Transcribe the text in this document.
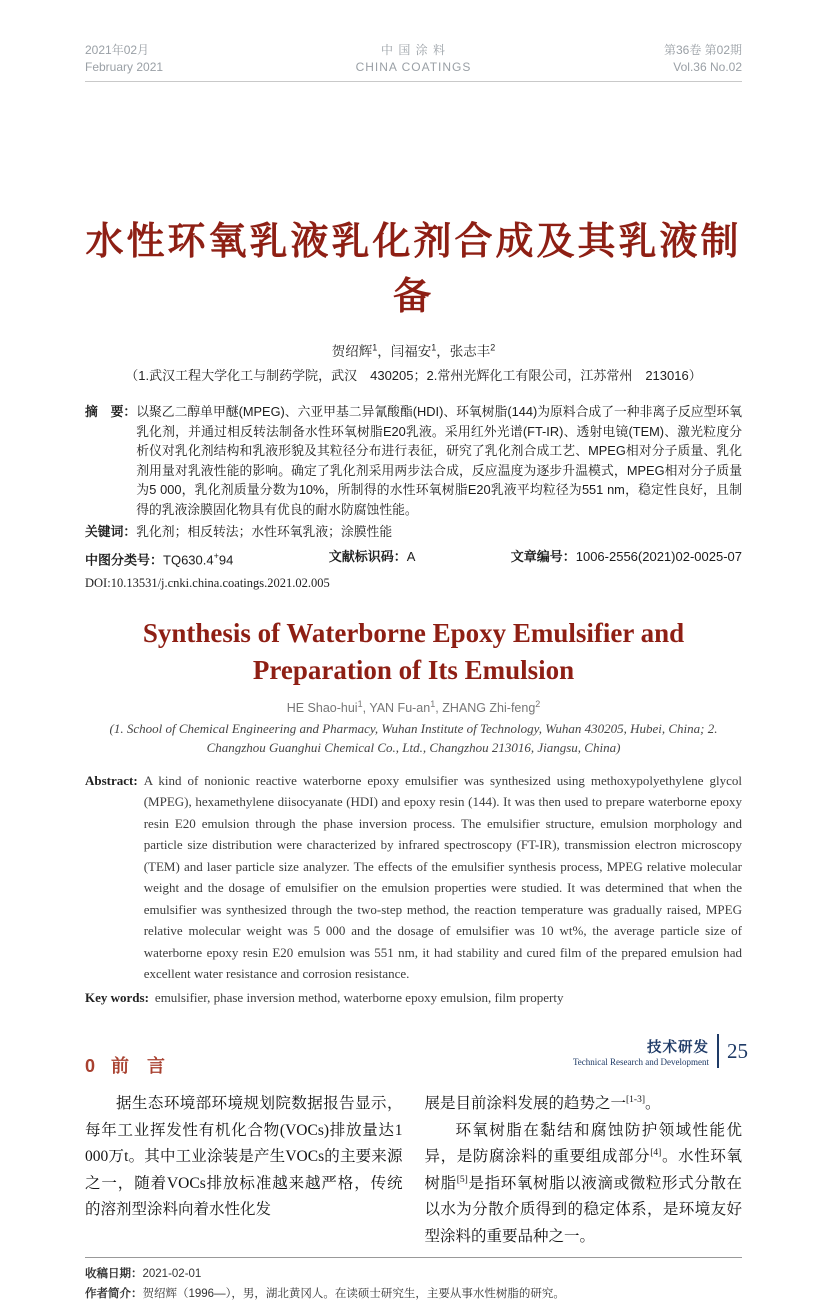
2021年02月
February 2021
中 国 涂 料
CHINA COATINGS
第36卷 第02期
Vol.36 No.02
水性环氧乳液乳化剂合成及其乳液制备
贺绍辉$^1$，闫福安$^1$，张志丰$^2$
（1.武汉工程大学化工与制药学院，武汉　430205；2.常州光辉化工有限公司，江苏常州　213016）
摘　要： 以聚乙二醇单甲醚(MPEG)、六亚甲基二异氰酸酯(HDI)、环氧树脂(144)为原料合成了一种非离子反应型环氧乳化剂，并通过相反转法制备水性环氧树脂E20乳液。采用红外光谱(FT-IR)、透射电镜(TEM)、激光粒度分析仪对乳化剂结构和乳液形貌及其粒径分布进行表征，研究了乳化剂合成工艺、MPEG相对分子质量、乳化剂用量对乳液性能的影响。确定了乳化剂采用两步法合成，反应温度为逐步升温模式，MPEG相对分子质量为5 000，乳化剂质量分数为10%，所制得的水性环氧树脂E20乳液平均粒径为551 nm，稳定性良好，且制得的乳液涂膜固化物具有优良的耐水防腐蚀性能。
关键词：乳化剂；相反转法；水性环氧乳液；涂膜性能
中图分类号：TQ630.4+94	文献标识码：A	文章编号：1006-2556(2021)02-0025-07
DOI:10.13531/j.cnki.china.coatings.2021.02.005
Synthesis of Waterborne Epoxy Emulsifier and Preparation of Its Emulsion
HE Shao-hui$^1$, YAN $Fu-an^1$, ZHANG Zhi-feng$^2$
(1. School of Chemical Engineering and Pharmacy, Wuhan Institute of Technology, Wuhan 430205, Hubei, China; 2. Changzhou Guanghui Chemical Co., Ltd., Changzhou 213016, Jiangsu, China)
Abstract: A kind of nonionic reactive waterborne epoxy emulsifier was synthesized using methoxypolyethylene glycol (MPEG), hexamethylene diisocyanate (HDI) and epoxy resin (144). It was then used to prepare waterborne epoxy resin E20 emulsion through the phase inversion process. The emulsifier structure, emulsion morphology and particle size distribution were characterized by infrared spectroscopy (FT-IR), transmission electron microscopy (TEM) and laser particle size analyzer. The effects of the emulsifier synthesis process, MPEG relative molecular weight and the dosage of emulsifier on the emulsion properties were studied. It was determined that when the emulsifier was synthesized through the two-step method, the reaction temperature was gradually raised, MPEG relative molecular weight was 5 000 and the dosage of emulsifier was 10 wt%, the average particle size of waterborne epoxy resin E20 emulsion was 551 nm, it had stability and cured film of the prepared emulsion had excellent water resistance and corrosion resistance.
Key words: emulsifier, phase inversion method, waterborne epoxy emulsion, film property
0 前　言

据生态环境部环境规划院数据报告显示，每年工业挥发性有机化合物(VOCs)排放量达1 000万t。其中工业涂装是产生VOCs的主要来源之一，随着VOCs排放标准越来越严格，传统的溶剂型涂料向着水性化发

展是目前涂料发展的趋势之一[1-3]。

环氧树脂在黏结和腐蚀防护领域性能优异，是防腐涂料的重要组成部分[4]。水性环氧树脂[5]是指环氧树脂以液滴或微粒形式分散在以水为分散介质得到的稳定体系，是环境友好型涂料的重要品种之一。

收稿日期：2021-02-01
作者简介：贺绍辉（1996—），男，湖北黄冈人。在读硕士研究生，主要从事水性树脂的研究。
技术研发
Technical Research and Development 25
